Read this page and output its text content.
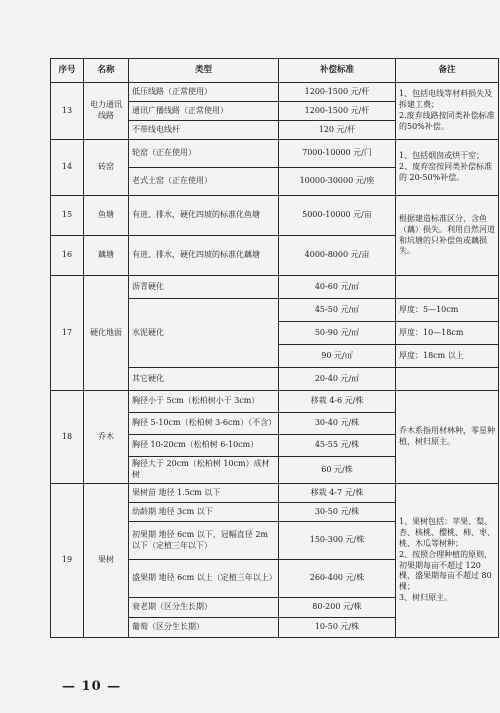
序号	名称	类型	补偿标准	备注
13	电力通讯线路	低压线路（正常使用）	1200-1500 元/杆	1、包括电线等材料损失及拆建工费；
2.废弃线路按同类补偿标准的50%补偿。
		通讯广播线路（正常使用）	1200-1500 元/杆	
		不带线电线杆	120 元/杆	
14	砖窑	轮窑（正在使用）	7000-10000 元/门	1、包括烟囱或烘干室；
2、废弃窑按同类补偿标准的 20-50%补偿。
		老式土窑（正在使用）	10000-30000 元/座	
15	鱼塘	有进、排水，硬化四坡的标准化鱼塘	5000-10000 元/亩	根据建造标准区分，含鱼（藕）损失。利用自然河道和坑塘的只补偿鱼或藕损失。
16	藕塘	有进、排水，硬化四坡的标准化藕塘	4000-8000 元/亩	
17	硬化地面	沥青硬化	40-60 元/㎡	
		水泥硬化	45-50 元/㎡	厚度：5—10cm
			50-90 元/㎡	厚度：10—18cm
			90 元/㎡	厚度：18cm 以上
		其它硬化	20-40 元/㎡	
18	乔木	胸径小于 5cm（松柏树小于 3cm）	移栽 4-6 元/株	乔木系指用材林种，零星种植，树归原主。
		胸径 5-10cm（松柏树 3-6cm）（不含）	30-40 元/株	
		胸径 10-20cm（松柏树 6-10cm）	45-55 元/株	
		胸径大于 20cm（松柏树 10cm）成材树	60 元/株	
19	果树	果树苗 地径 1.5cm 以下	移栽 4-7 元/株	1、果树包括：苹果、梨、杏、核桃、樱桃、柿、枣、桃、木瓜等树种；
2、按照合理种植的原则，初果期每亩不超过 120 棵，盛果期每亩不超过 80 棵；
3、树归原主。
		幼龄期 地径 3cm 以下	30-50 元/株	
		初果期 地径 6cm 以下，冠幅直径 2m 以下（定植三年以下）	150-300 元/株	
		盛果期 地径 6cm 以上（定植三年以上）	260-400 元/株	
		衰老期（区分生长期）	80-200 元/株	
		葡萄（区分生长期）	10-50 元/株	
— 10 —
